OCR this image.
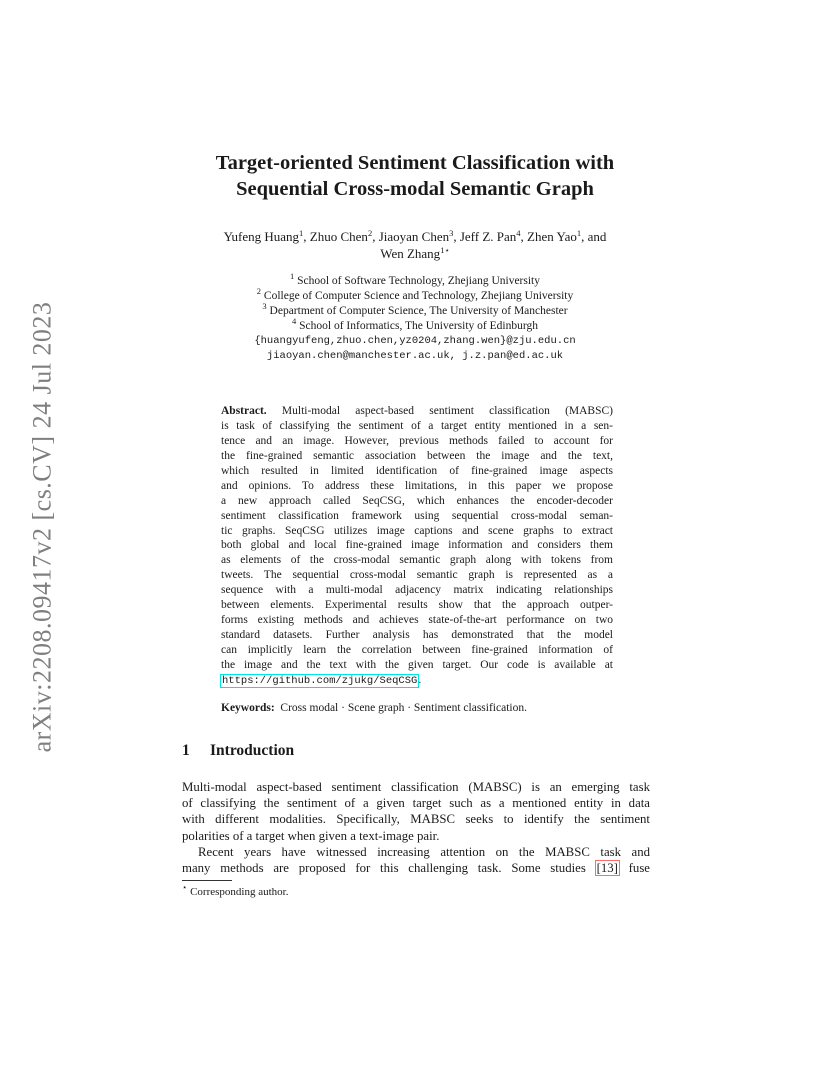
arXiv:2208.09417v2 [cs.CV] 24 Jul 2023
Target-oriented Sentiment Classification with
Sequential Cross-modal Semantic Graph
Yufeng Huang$^1$, Zhuo Chen$^2$, Jiaoyan Chen$^3$, Jeff Z. Pan$^4$, Zhen Yao$^1$, and
Wen Zhang$^{1⋆}$
$^1$ School of Software Technology, Zhejiang University
$^2$ College of Computer Science and Technology, Zhejiang University
$^3$ Department of Computer Science, The University of Manchester
$^4$ School of Informatics, The University of Edinburgh
{huangyufeng,zhuo.chen,yz0204,zhang.wen}@zju.edu.cn
jiaoyan.chen@manchester.ac.uk, j.z.pan@ed.ac.uk
Abstract. Multi-modal aspect-based sentiment classification (MABSC)
is task of classifying the sentiment of a target entity mentioned in a sen-
tence and an image. However, previous methods failed to account for
the fine-grained semantic association between the image and the text,
which resulted in limited identification of fine-grained image aspects
and opinions. To address these limitations, in this paper we propose
a new approach called SeqCSG, which enhances the encoder-decoder
sentiment classification framework using sequential cross-modal seman-
tic graphs. SeqCSG utilizes image captions and scene graphs to extract
both global and local fine-grained image information and considers them
as elements of the cross-modal semantic graph along with tokens from
tweets. The sequential cross-modal semantic graph is represented as a
sequence with a multi-modal adjacency matrix indicating relationships
between elements. Experimental results show that the approach outper-
forms existing methods and achieves state-of-the-art performance on two
standard datasets. Further analysis has demonstrated that the model
can implicitly learn the correlation between fine-grained information of
the image and the text with the given target. Our code is available at
https://github.com/zjukg/SeqCSG.
Keywords: Cross modal · Scene graph · Sentiment classification.
1 Introduction
Multi-modal aspect-based sentiment classification (MABSC) is an emerging task
of classifying the sentiment of a given target such as a mentioned entity in data
with different modalities. Specifically, MABSC seeks to identify the sentiment
polarities of a target when given a text-image pair.
Recent years have witnessed increasing attention on the MABSC task and
many methods are proposed for this challenging task. Some studies [13] fuse
⋆ Corresponding author.
